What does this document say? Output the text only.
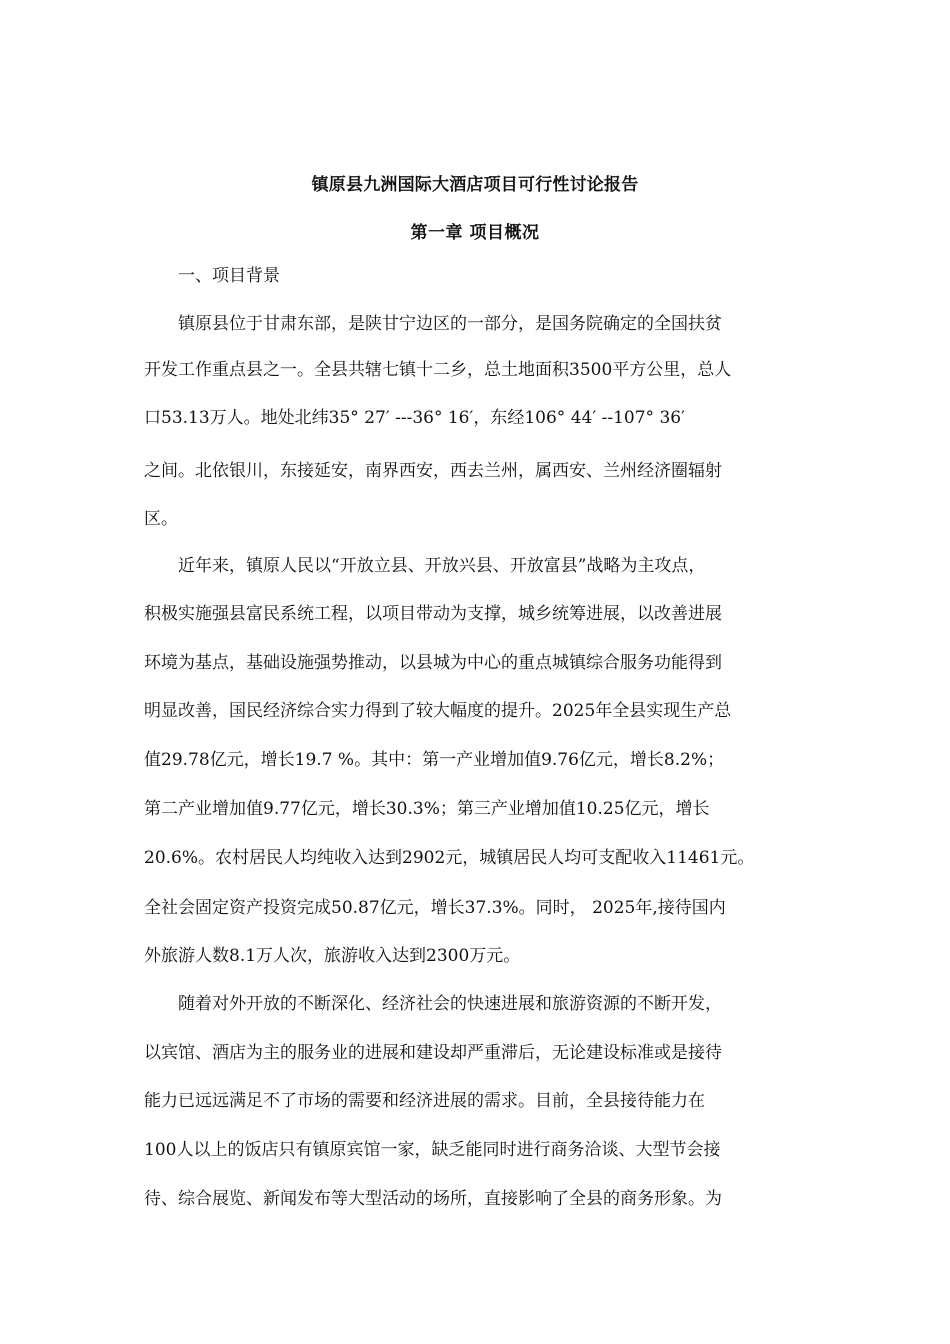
镇原县九洲国际大酒店项目可行性讨论报告
第一章 项目概况
一、项目背景
镇原县位于甘肃东部，是陕甘宁边区的一部分，是国务院确定的全国扶贫
开发工作重点县之一。全县共辖七镇十二乡，总土地面积3500平方公里，总人
口53.13万人。地处北纬35° 27′ ---36° 16′，东经106° 44′ --107° 36′
之间。北依银川，东接延安，南界西安，西去兰州，属西安、兰州经济圈辐射
区。
近年来，镇原人民以“开放立县、开放兴县、开放富县”战略为主攻点，
积极实施强县富民系统工程，以项目带动为支撑，城乡统筹进展，以改善进展
环境为基点，基础设施强势推动，以县城为中心的重点城镇综合服务功能得到
明显改善，国民经济综合实力得到了较大幅度的提升。2025年全县实现生产总
值29.78亿元，增长19.7 %。其中：第一产业增加值9.76亿元，增长8.2%；
第二产业增加值9.77亿元，增长30.3%；第三产业增加值10.25亿元，增长
20.6%。农村居民人均纯收入达到2902元，城镇居民人均可支配收入11461元。
全社会固定资产投资完成50.87亿元，增长37.3%。同时， 2025年,接待国内
外旅游人数8.1万人次，旅游收入达到2300万元。
随着对外开放的不断深化、经济社会的快速进展和旅游资源的不断开发，
以宾馆、酒店为主的服务业的进展和建设却严重滞后，无论建设标准或是接待
能力已远远满足不了市场的需要和经济进展的需求。目前，全县接待能力在
100人以上的饭店只有镇原宾馆一家，缺乏能同时进行商务洽谈、大型节会接
待、综合展览、新闻发布等大型活动的场所，直接影响了全县的商务形象。为
